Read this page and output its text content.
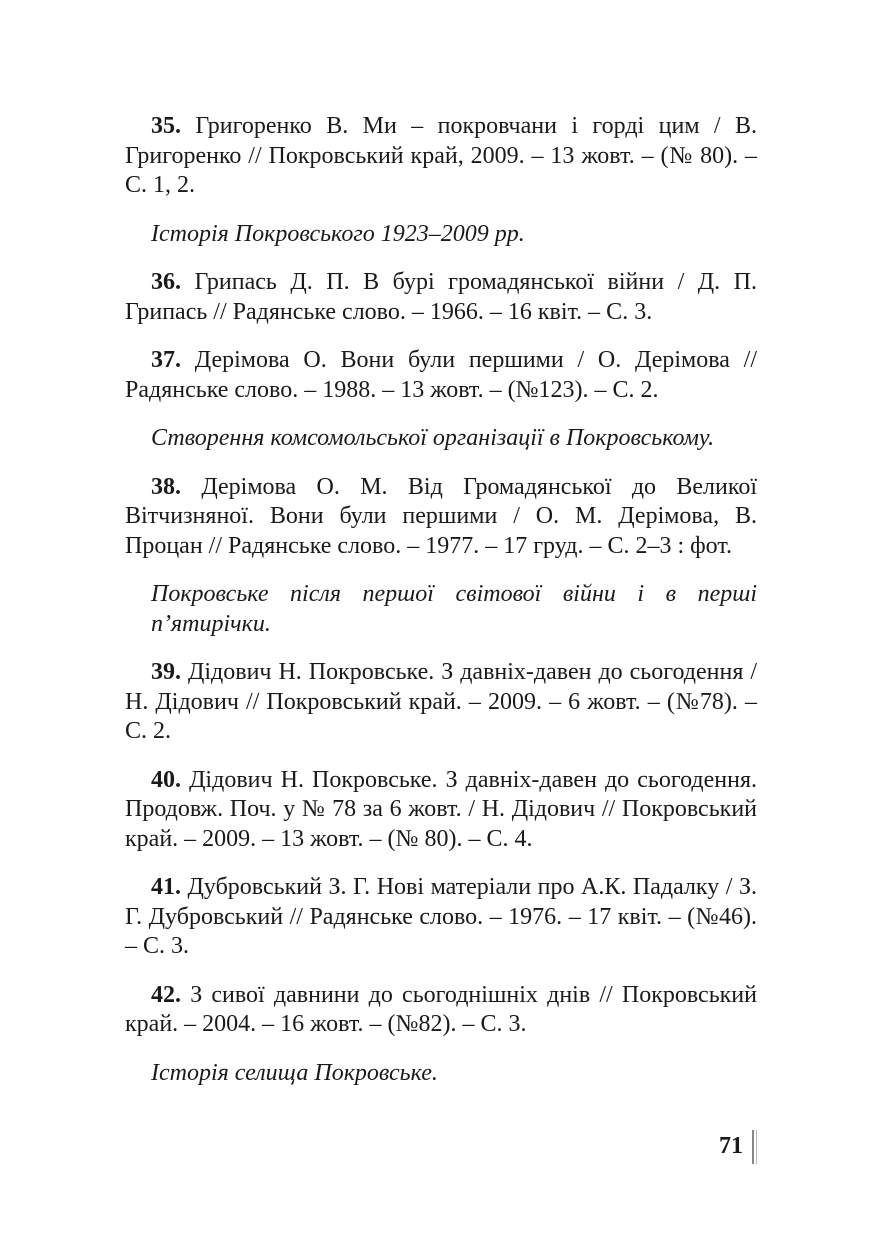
35. Григоренко В. Ми – покровчани і горді цим / В. Григоренко // Покровський край, 2009. – 13 жовт. – (№ 80). – С. 1, 2.

Історія Покровського 1923–2009 рр.

36. Грипась Д. П. В бурі громадянської війни / Д. П. Грипась // Радянське слово. – 1966. – 16 квіт. – С. 3.

37. Дерімова О. Вони були першими / О. Дерімова // Радянське слово. – 1988. – 13 жовт. – (№123). – С. 2.

Створення комсомольської організації в Покровському.

38. Дерімова О. М. Від Громадянської до Великої Вітчизняної. Вони були першими / О. М. Дерімова, В. Процан // Радянське слово. – 1977. – 17 груд. – С. 2–3 : фот.

Покровське після першої світової війни і в перші п’ятирічки.

39. Дідович Н. Покровське. З давніх-давен до сьогодення / Н. Дідович // Покровський край. – 2009. – 6 жовт. – (№78). – С. 2.

40. Дідович Н. Покровське. З давніх-давен до сьогодення. Продовж. Поч. у № 78 за 6 жовт. / Н. Дідович // Покровський край. – 2009. – 13 жовт. – (№ 80). – С. 4.

41. Дубровський З. Г. Нові матеріали про А.К. Падалку / З. Г. Дубровський // Радянське слово. – 1976. – 17 квіт. – (№46). – С. 3.

42. З сивої давнини до сьогоднішніх днів // Покровський край. – 2004. – 16 жовт. – (№82). – С. 3.

Історія селища Покровське.

71
